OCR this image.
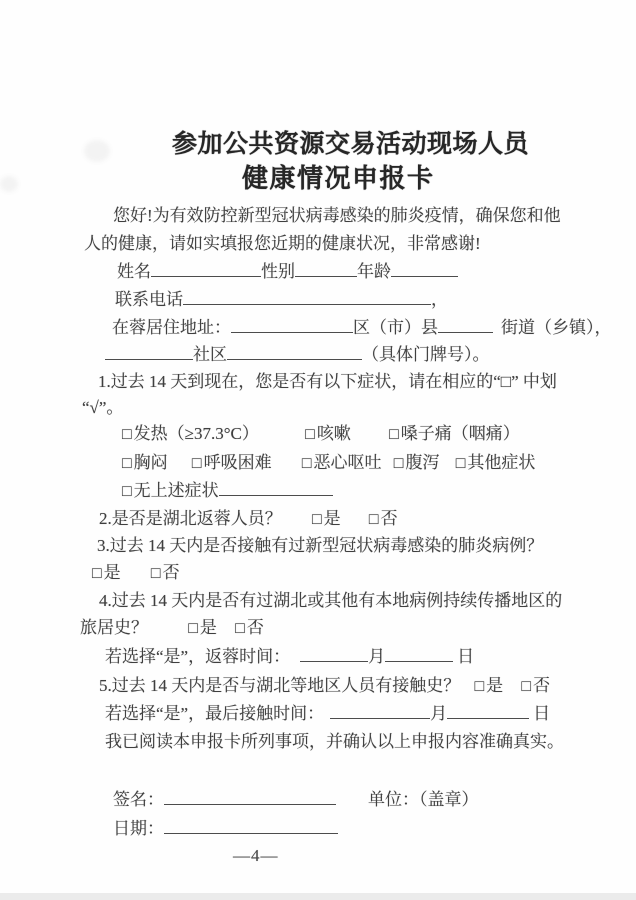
参加公共资源交易活动现场人员
健康情况申报卡
您好!为有效防控新型冠状病毒感染的肺炎疫情，确保您和他
人的健康，请如实填报您近期的健康状况，非常感谢!
姓名	性别	年龄
联系电话	，
在蓉居住地址：	区（市）县	街道（乡镇），
社区	（具体门牌号）。
1.过去 14 天到现在，您是否有以下症状，请在相应的“□” 中划
“√”。
□ 发热（≥37.3°C）	□ 咳嗽 □ 嗓子痛（咽痛）
□ 胸闷 □ 呼吸困难 □ 恶心呕吐 □ 腹泻 □ 其他症状
□ 无上述症状
2.是否是湖北返蓉人员？ □ 是 □ 否
3.过去 14 天内是否接触有过新型冠状病毒感染的肺炎病例？
□ 是 □ 否
4.过去 14 天内是否有过湖北或其他有本地病例持续传播地区的
旅居史？	□ 是 □ 否
若选择“是”，返蓉时间：	月	日
5.过去 14 天内是否与湖北等地区人员有接触史？ □ 是 □ 否
若选择“是”，最后接触时间：	月	日
我已阅读本申报卡所列事项，并确认以上申报内容准确真实。
签名：	单位：（盖章）
日期：
—4—
